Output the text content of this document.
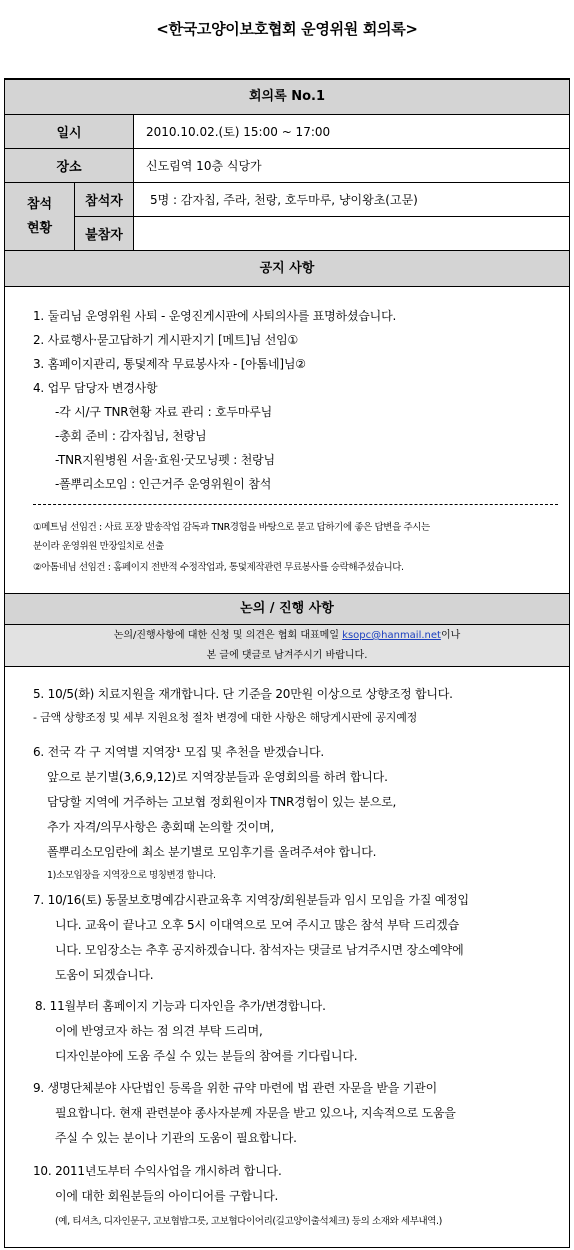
<한국고양이보호협회 운영위원 회의록>
회의록 No.1
일시	2010.10.02.(토) 15:00 ~ 17:00
장소	신도림역 10층 식당가
참석
현황
참석자	5명 : 감자칩, 주라, 천랑, 호두마루, 냥이왕초(고문)
불참자
공지 사항
1. 둘리님 운영위원 사퇴 - 운영진게시판에 사퇴의사를 표명하셨습니다.
2. 사료행사·묻고답하기 게시판지기 [메트]님 선임①
3. 홈페이지관리, 통덫제작 무료봉사자 - [아톰네]님②
4. 업무 담당자 변경사항
-각 시/구 TNR현황 자료 관리 : 호두마루님
-총회 준비 : 감자칩님, 천랑님
-TNR지원병원 서울·효원·굿모닝펫 : 천랑님
-폴뿌리소모임 : 인근거주 운영위원이 참석
①메트님 선임건 : 사료 포장 발송작업 감독과 TNR경험을 바탕으로 묻고 답하기에 좋은 답변을 주시는
분이라 운영위원 만장일치로 선출
②아톰네님 선임건 : 홈페이지 전반적 수정작업과, 통덫제작관련 무료봉사를 승락해주셨습니다.
논의 / 진행 사항
논의/진행사항에 대한 신청 및 의견은 협회 대표메일 ksopc@hanmail.net이나
본 글에 댓글로 남겨주시기 바랍니다.
5. 10/5(화) 치료지원을 재개합니다. 단 기준을 20만원 이상으로 상향조정 합니다.
- 금액 상향조정 및 세부 지원요청 절차 변경에 대한 사항은 해당게시판에 공지예정
6. 전국 각 구 지역별 지역장¹ 모집 및 추천을 받겠습니다.
앞으로 분기별(3,6,9,12)로 지역장분들과 운영회의를 하려 합니다.
담당할 지역에 거주하는 고보협 정회원이자 TNR경험이 있는 분으로,
추가 자격/의무사항은 총회때 논의할 것이며,
폴뿌리소모임란에 최소 분기별로 모임후기를 올려주셔야 합니다.
1)소모임장을 지역장으로 명칭변경 합니다.
7. 10/16(토) 동물보호명예감시관교육후 지역장/회원분들과 임시 모임을 가질 예정입
니다. 교육이 끝나고 오후 5시 이대역으로 모여 주시고 많은 참석 부탁 드리겠습
니다. 모임장소는 추후 공지하겠습니다. 참석자는 댓글로 남겨주시면 장소예약에
도움이 되겠습니다.
8. 11월부터 홈페이지 기능과 디자인을 추가/변경합니다.
이에 반영코자 하는 점 의견 부탁 드리며,
디자인분야에 도움 주실 수 있는 분들의 참여를 기다립니다.
9. 생명단체분야 사단법인 등록을 위한 규약 마련에 법 관련 자문을 받을 기관이
필요합니다. 현재 관련분야 종사자분께 자문을 받고 있으나, 지속적으로 도움을
주실 수 있는 분이나 기관의 도움이 필요합니다.
10. 2011년도부터 수익사업을 개시하려 합니다.
이에 대한 회원분들의 아이디어를 구합니다.
(예, 티셔츠, 디자인문구, 고보협밥그릇, 고보협다이어리(길고양이출석체크) 등의 소재와 세부내역.)
